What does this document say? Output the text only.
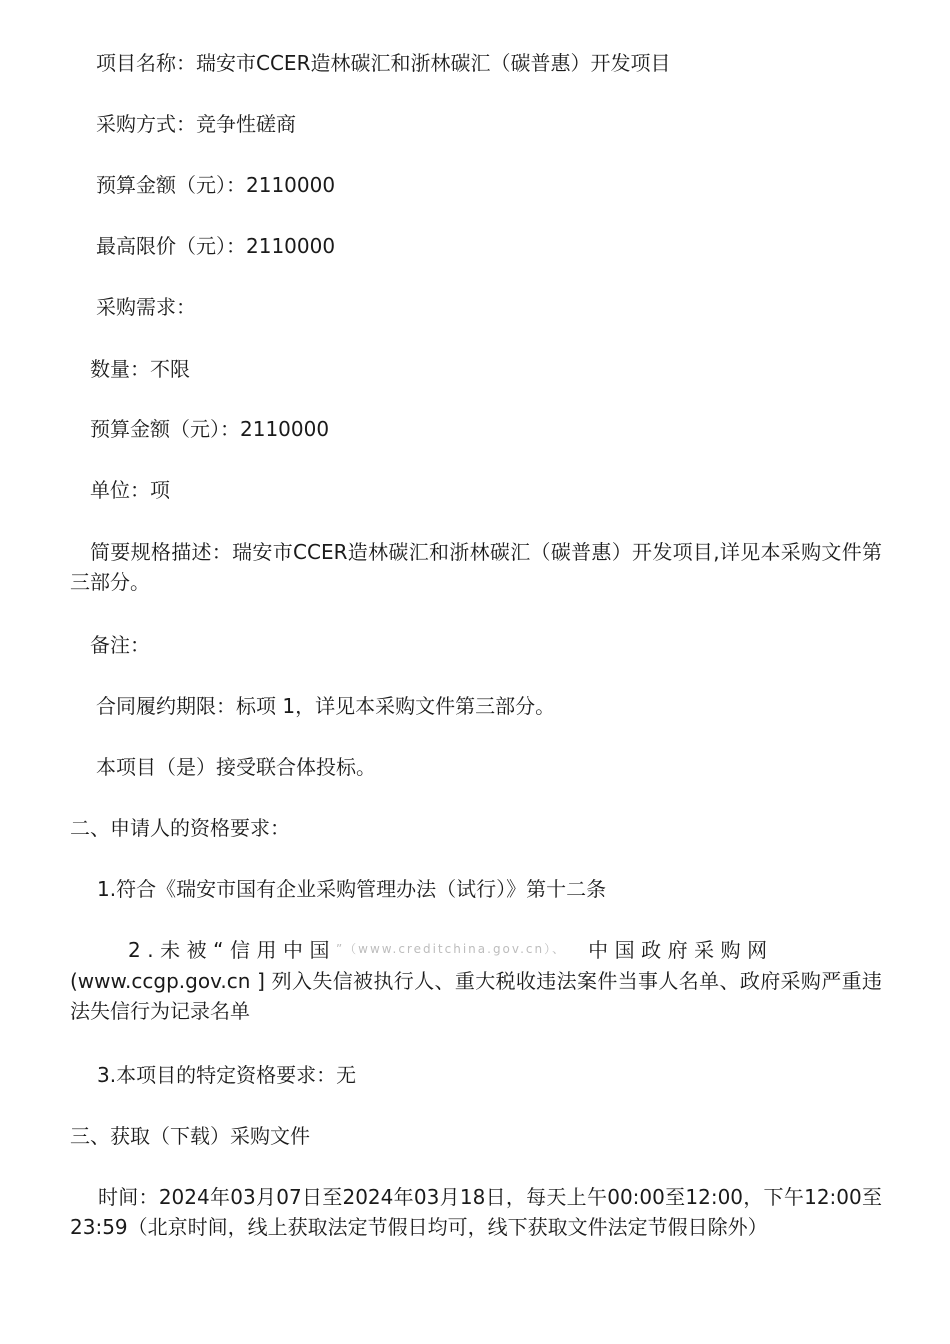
项目名称：瑞安市CCER造林碳汇和浙林碳汇（碳普惠）开发项目
采购方式：竞争性磋商
预算金额（元）：2110000
最高限价（元）：2110000
采购需求：
数量：不限
预算金额（元）：2110000
单位：项
简要规格描述：瑞安市CCER造林碳汇和浙林碳汇（碳普惠）开发项目,详见本采购文件第三部分。
备注：
合同履约期限：标项 1，详见本采购文件第三部分。
本项目（是）接受联合体投标。
二、申请人的资格要求：
1.符合《瑞安市国有企业采购管理办法（试行）》第十二条
2.未被“信用中国$^{”(www.creditchina.gov.cn)、}$ 中国政府采购网
(www.ccgp.gov.cn ] 列入失信被执行人、重大税收违法案件当事人名单、政府采购严重违法失信行为记录名单
3.本项目的特定资格要求：无
三、获取（下载）采购文件
时间：2024年03月07日至2024年03月18日，每天上午00:00至12:00，下午12:00至23:59（北京时间，线上获取法定节假日均可，线下获取文件法定节假日除外）
